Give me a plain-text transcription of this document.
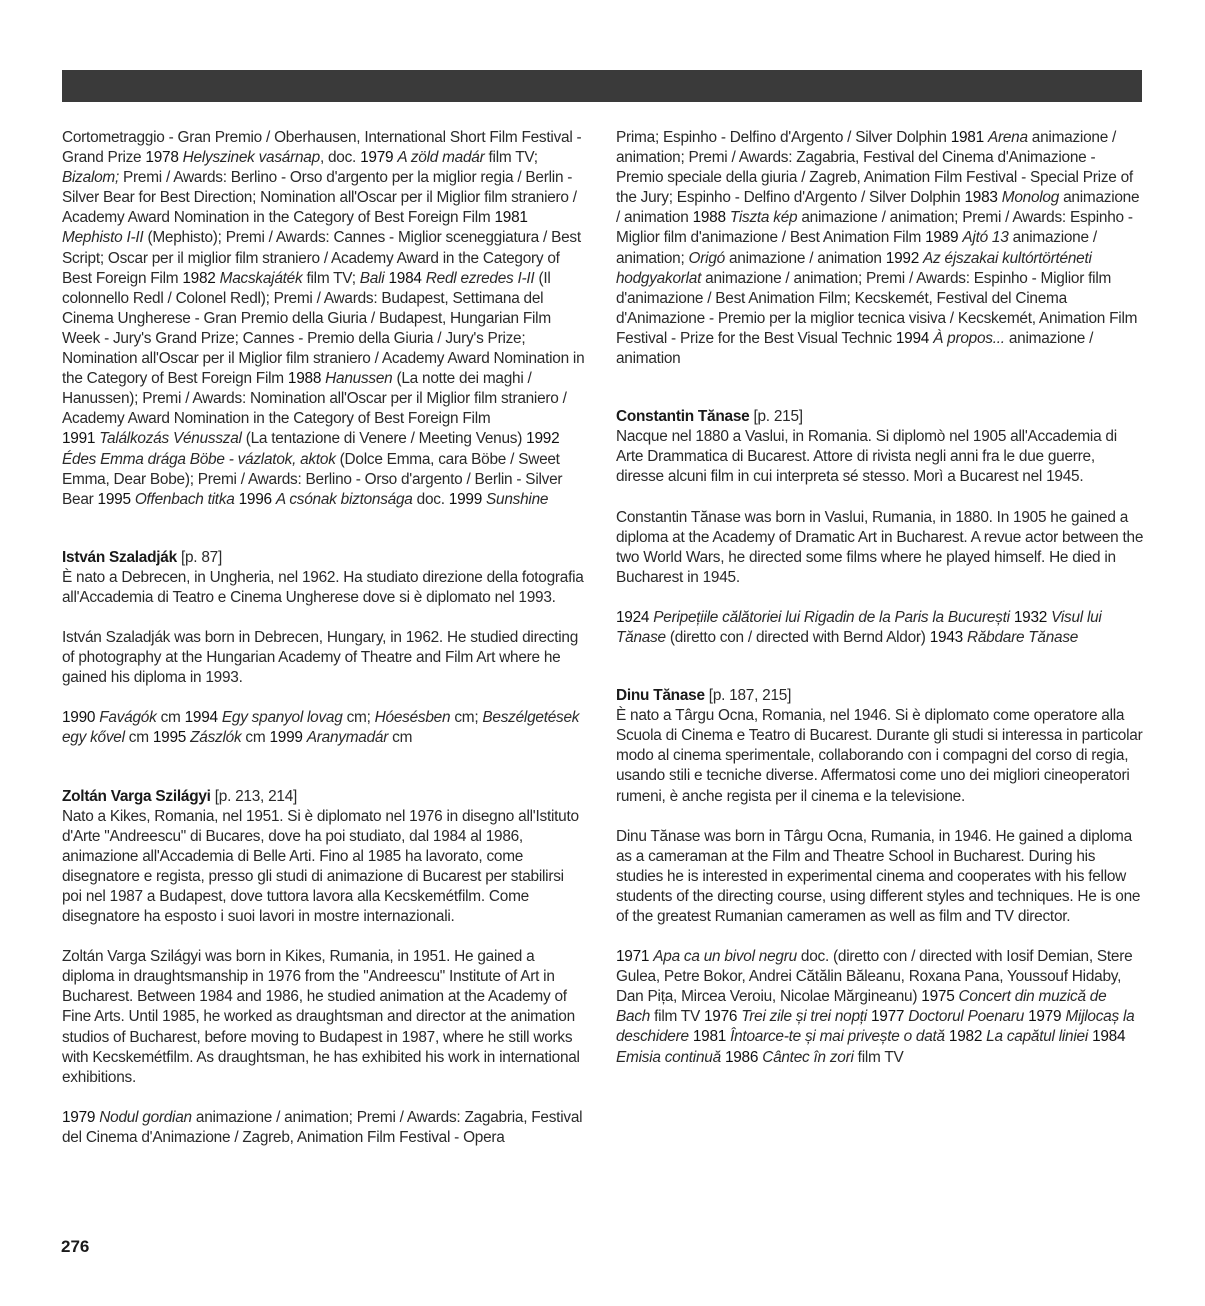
Cortometraggio - Gran Premio / Oberhausen, International Short Film Festival - Grand Prize 1978 Helyszinek vasárnap, doc. 1979 A zöld madár film TV; Bizalom; Premi / Awards: Berlino - Orso d'argento per la miglior regia / Berlin - Silver Bear for Best Direction; Nomination all'Oscar per il Miglior film straniero / Academy Award Nomination in the Category of Best Foreign Film 1981 Mephisto I-II (Mephisto); Premi / Awards: Cannes - Miglior sceneggiatura / Best Script; Oscar per il miglior film straniero / Academy Award in the Category of Best Foreign Film 1982 Macskajáték film TV; Bali 1984 Redl ezredes I-II (Il colonnello Redl / Colonel Redl); Premi / Awards: Budapest, Settimana del Cinema Ungherese - Gran Premio della Giuria / Budapest, Hungarian Film Week - Jury's Grand Prize; Cannes - Premio della Giuria / Jury's Prize; Nomination all'Oscar per il Miglior film straniero / Academy Award Nomination in the Category of Best Foreign Film 1988 Hanussen (La notte dei maghi / Hanussen); Premi / Awards: Nomination all'Oscar per il Miglior film straniero / Academy Award Nomination in the Category of Best Foreign Film

1991 Találkozás Vénusszal (La tentazione di Venere / Meeting Venus) 1992 Édes Emma drága Böbe - vázlatok, aktok (Dolce Emma, cara Böbe / Sweet Emma, Dear Bobe); Premi / Awards: Berlino - Orso d'argento / Berlin - Silver Bear 1995 Offenbach titka 1996 A csónak biztonsága doc. 1999 Sunshine

István Szaladják [p. 87]

È nato a Debrecen, in Ungheria, nel 1962. Ha studiato direzione della fotografia all'Accademia di Teatro e Cinema Ungherese dove si è diplomato nel 1993.

István Szaladják was born in Debrecen, Hungary, in 1962. He studied directing of photography at the Hungarian Academy of Theatre and Film Art where he gained his diploma in 1993.

1990 Favágók cm 1994 Egy spanyol lovag cm; Hóesésben cm; Beszélgetések egy kővel cm 1995 Zászlók cm 1999 Aranymadár cm

Zoltán Varga Szilágyi [p. 213, 214]

Nato a Kikes, Romania, nel 1951. Si è diplomato nel 1976 in disegno all'Istituto d'Arte "Andreescu" di Bucares, dove ha poi studiato, dal 1984 al 1986, animazione all'Accademia di Belle Arti. Fino al 1985 ha lavorato, come disegnatore e regista, presso gli studi di animazione di Bucarest per stabilirsi poi nel 1987 a Budapest, dove tuttora lavora alla Kecskemétfilm. Come disegnatore ha esposto i suoi lavori in mostre internazionali.

Zoltán Varga Szilágyi was born in Kikes, Rumania, in 1951. He gained a diploma in draughtsmanship in 1976 from the "Andreescu" Institute of Art in Bucharest. Between 1984 and 1986, he studied animation at the Academy of Fine Arts. Until 1985, he worked as draughtsman and director at the animation studios of Bucharest, before moving to Budapest in 1987, where he still works with Kecskemétfilm. As draughtsman, he has exhibited his work in international exhibitions.

1979 Nodul gordian animazione / animation; Premi / Awards: Zagabria, Festival del Cinema d'Animazione / Zagreb, Animation Film Festival - Opera

Prima; Espinho - Delfino d'Argento / Silver Dolphin 1981 Arena animazione / animation; Premi / Awards: Zagabria, Festival del Cinema d'Animazione - Premio speciale della giuria / Zagreb, Animation Film Festival - Special Prize of the Jury; Espinho - Delfino d'Argento / Silver Dolphin 1983 Monolog animazione / animation 1988 Tiszta kép animazione / animation; Premi / Awards: Espinho - Miglior film d'animazione / Best Animation Film 1989 Ajtó 13 animazione / animation; Origó animazione / animation 1992 Az éjszakai kultórtörténeti hodgyakorlat animazione / animation; Premi / Awards: Espinho - Miglior film d'animazione / Best Animation Film; Kecskemét, Festival del Cinema d'Animazione - Premio per la miglior tecnica visiva / Kecskemét, Animation Film Festival - Prize for the Best Visual Technic 1994 À propos... animazione / animation

Constantin Tănase [p. 215]

Nacque nel 1880 a Vaslui, in Romania. Si diplomò nel 1905 all'Accademia di Arte Drammatica di Bucarest. Attore di rivista negli anni fra le due guerre, diresse alcuni film in cui interpreta sé stesso. Morì a Bucarest nel 1945.

Constantin Tănase was born in Vaslui, Rumania, in 1880. In 1905 he gained a diploma at the Academy of Dramatic Art in Bucharest. A revue actor between the two World Wars, he directed some films where he played himself. He died in Bucharest in 1945.

1924 Peripețiile călătoriei lui Rigadin de la Paris la București 1932 Visul lui Tănase (diretto con / directed with Bernd Aldor) 1943 Răbdare Tănase

Dinu Tănase [p. 187, 215]

È nato a Târgu Ocna, Romania, nel 1946. Si è diplomato come operatore alla Scuola di Cinema e Teatro di Bucarest. Durante gli studi si interessa in particolar modo al cinema sperimentale, collaborando con i compagni del corso di regia, usando stili e tecniche diverse. Affermatosi come uno dei migliori cineoperatori rumeni, è anche regista per il cinema e la televisione.

Dinu Tănase was born in Târgu Ocna, Rumania, in 1946. He gained a diploma as a cameraman at the Film and Theatre School in Bucharest. During his studies he is interested in experimental cinema and cooperates with his fellow students of the directing course, using different styles and techniques. He is one of the greatest Rumanian cameramen as well as film and TV director.

1971 Apa ca un bivol negru doc. (diretto con / directed with Iosif Demian, Stere Gulea, Petre Bokor, Andrei Cătălin Băleanu, Roxana Pana, Youssouf Hidaby, Dan Pița, Mircea Veroiu, Nicolae Mărgineanu) 1975 Concert din muzică de Bach film TV 1976 Trei zile și trei nopți 1977 Doctorul Poenaru 1979 Mijlocaș la deschidere 1981 Întoarce-te și mai privește o dată 1982 La capătul liniei 1984 Emisia continuă 1986 Cântec în zori film TV

276
